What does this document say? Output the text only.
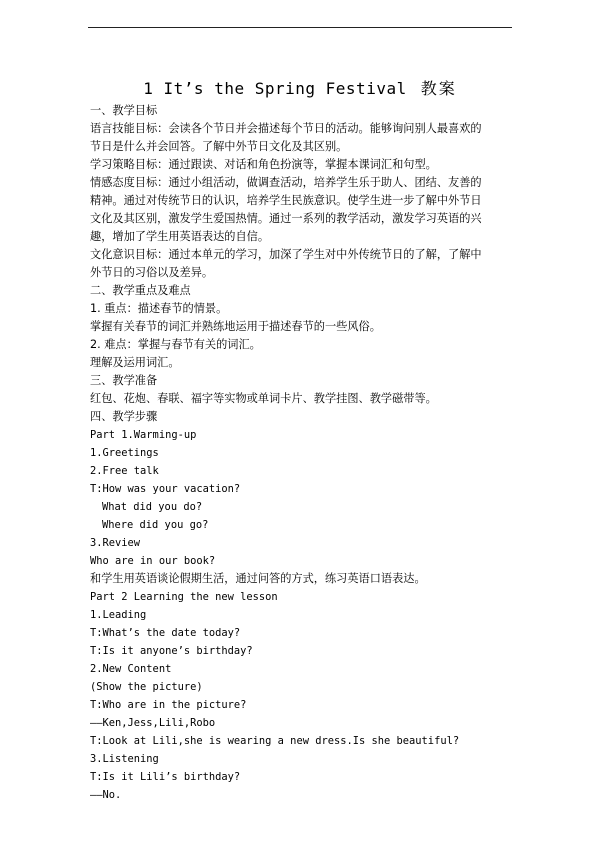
1 It’s the Spring Festival 教案
一、教学目标
语言技能目标：会读各个节日并会描述每个节日的活动。能够询问别人最喜欢的
节日是什么并会回答。了解中外节日文化及其区别。
学习策略目标：通过跟读、对话和角色扮演等，掌握本课词汇和句型。
情感态度目标：通过小组活动，做调查活动，培养学生乐于助人、团结、友善的
精神。通过对传统节日的认识，培养学生民族意识。使学生进一步了解中外节日
文化及其区别，激发学生爱国热情。通过一系列的教学活动，激发学习英语的兴
趣，增加了学生用英语表达的自信。
文化意识目标：通过本单元的学习，加深了学生对中外传统节日的了解，了解中
外节日的习俗以及差异。
二、教学重点及难点
1. 重点：描述春节的情景。
掌握有关春节的词汇并熟练地运用于描述春节的一些风俗。
2. 难点：掌握与春节有关的词汇。
理解及运用词汇。
三、教学准备
红包、花炮、春联、福字等实物或单词卡片、教学挂图、教学磁带等。
四、教学步骤
Part 1.Warming-up
1.Greetings
2.Free talk
T:How was your vacation?
What did you do?
Where did you go?
3.Review
Who are in our book?
和学生用英语谈论假期生活，通过问答的方式，练习英语口语表达。
Part 2 Learning the new lesson
1.Leading
T:What’s the date today?
T:Is it anyone’s birthday?
2.New Content
(Show the picture)
T:Who are in the picture?
——Ken,Jess,Lili,Robo
T:Look at Lili,she is wearing a new dress.Is she beautiful?
3.Listening
T:Is it Lili’s birthday?
——No.
